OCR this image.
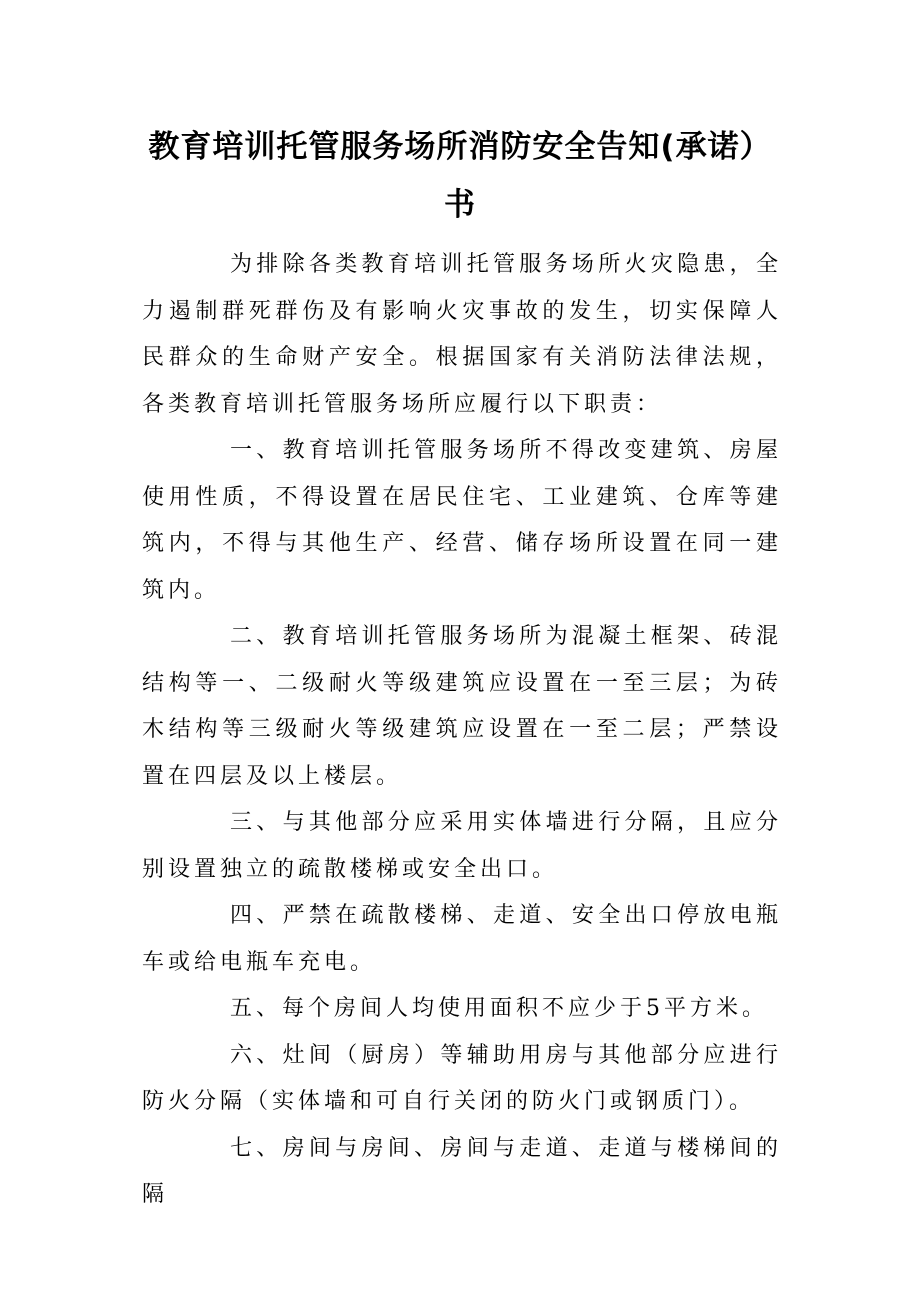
教育培训托管服务场所消防安全告知(承诺）书

为排除各类教育培训托管服务场所火灾隐患，全力遏制群死群伤及有影响火灾事故的发生，切实保障人民群众的生命财产安全。根据国家有关消防法律法规，各类教育培训托管服务场所应履行以下职责：

一、教育培训托管服务场所不得改变建筑、房屋使用性质，不得设置在居民住宅、工业建筑、仓库等建筑内，不得与其他生产、经营、储存场所设置在同一建筑内。

二、教育培训托管服务场所为混凝土框架、砖混结构等一、二级耐火等级建筑应设置在一至三层；为砖木结构等三级耐火等级建筑应设置在一至二层；严禁设置在四层及以上楼层。

三、与其他部分应采用实体墙进行分隔，且应分别设置独立的疏散楼梯或安全出口。

四、严禁在疏散楼梯、走道、安全出口停放电瓶车或给电瓶车充电。

五、每个房间人均使用面积不应少于5平方米。

六、灶间（厨房）等辅助用房与其他部分应进行防火分隔（实体墙和可自行关闭的防火门或钢质门）。

七、房间与房间、房间与走道、走道与楼梯间的隔
